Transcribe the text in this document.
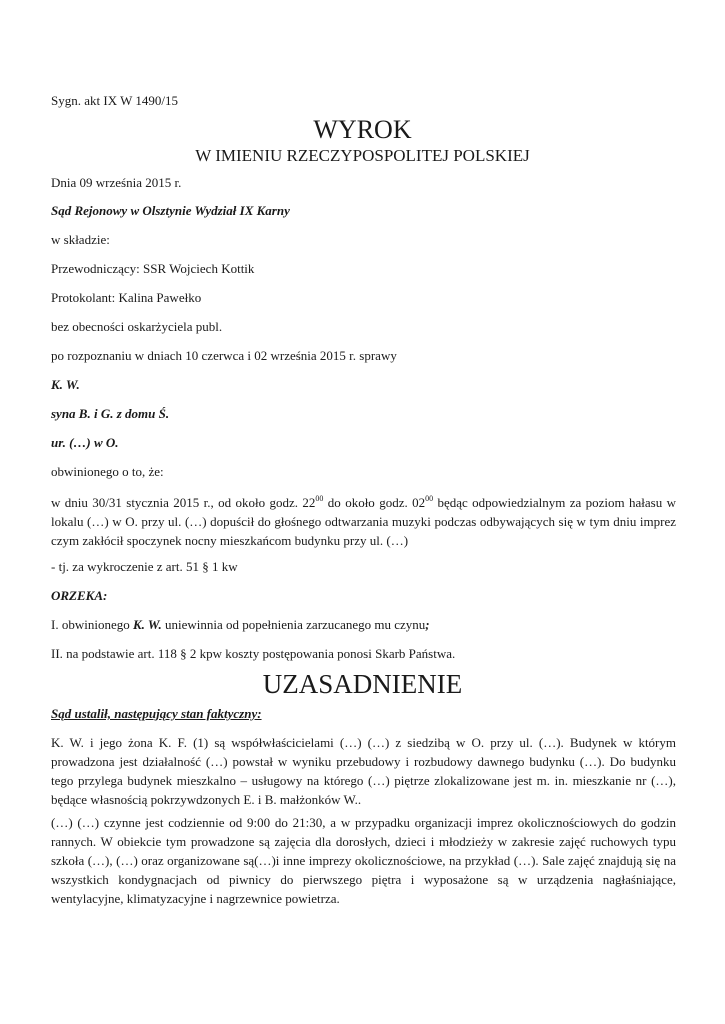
Sygn. akt IX W 1490/15

WYROK

W IMIENIU RZECZYPOSPOLITEJ POLSKIEJ

Dnia 09 września 2015 r.

Sąd Rejonowy w Olsztynie Wydział IX Karny

w składzie:

Przewodniczący: SSR Wojciech Kottik

Protokolant: Kalina Pawełko

bez obecności oskarżyciela publ.

po rozpoznaniu w dniach 10 czerwca i 02 września 2015 r. sprawy

K. W.

syna B. i G. z domu Ś.

ur. (…) w O.

obwinionego o to, że:

w dniu 30/31 stycznia 2015 r., od około godz. $22^{00}$ do około godz. $02^{00}$ będąc odpowiedzialnym za poziom hałasu w lokalu (…) w O. przy ul. (…) dopuścił do głośnego odtwarzania muzyki podczas odbywających się w tym dniu imprez czym zakłócił spoczynek nocny mieszkańcom budynku przy ul. (…)

- tj. za wykroczenie z art. 51 § 1 kw

ORZEKA:

I. obwinionego K. W. uniewinnia od popełnienia zarzucanego mu czynu;

II. na podstawie art. 118 § 2 kpw koszty postępowania ponosi Skarb Państwa.

UZASADNIENIE

Sąd ustalił, następujący stan faktyczny:

K. W. i jego żona K. F. (1) są współwłaścicielami (…) (…) z siedzibą w O. przy ul. (…). Budynek w którym prowadzona jest działalność (…) powstał w wyniku przebudowy i rozbudowy dawnego budynku (…). Do budynku tego przylega budynek mieszkalno – usługowy na którego (…) piętrze zlokalizowane jest m. in. mieszkanie nr (…), będące własnością pokrzywdzonych E. i B. małżonków W..

(…) (…) czynne jest codziennie od 9:00 do 21:30, a w przypadku organizacji imprez okolicznościowych do godzin rannych. W obiekcie tym prowadzone są zajęcia dla dorosłych, dzieci i młodzieży w zakresie zajęć ruchowych typu szkoła (…), (…) oraz organizowane są(…)i inne imprezy okolicznościowe, na przykład (…). Sale zajęć znajdują się na wszystkich kondygnacjach od piwnicy do pierwszego piętra i wyposażone są w urządzenia nagłaśniające, wentylacyjne, klimatyzacyjne i nagrzewnice powietrza.
